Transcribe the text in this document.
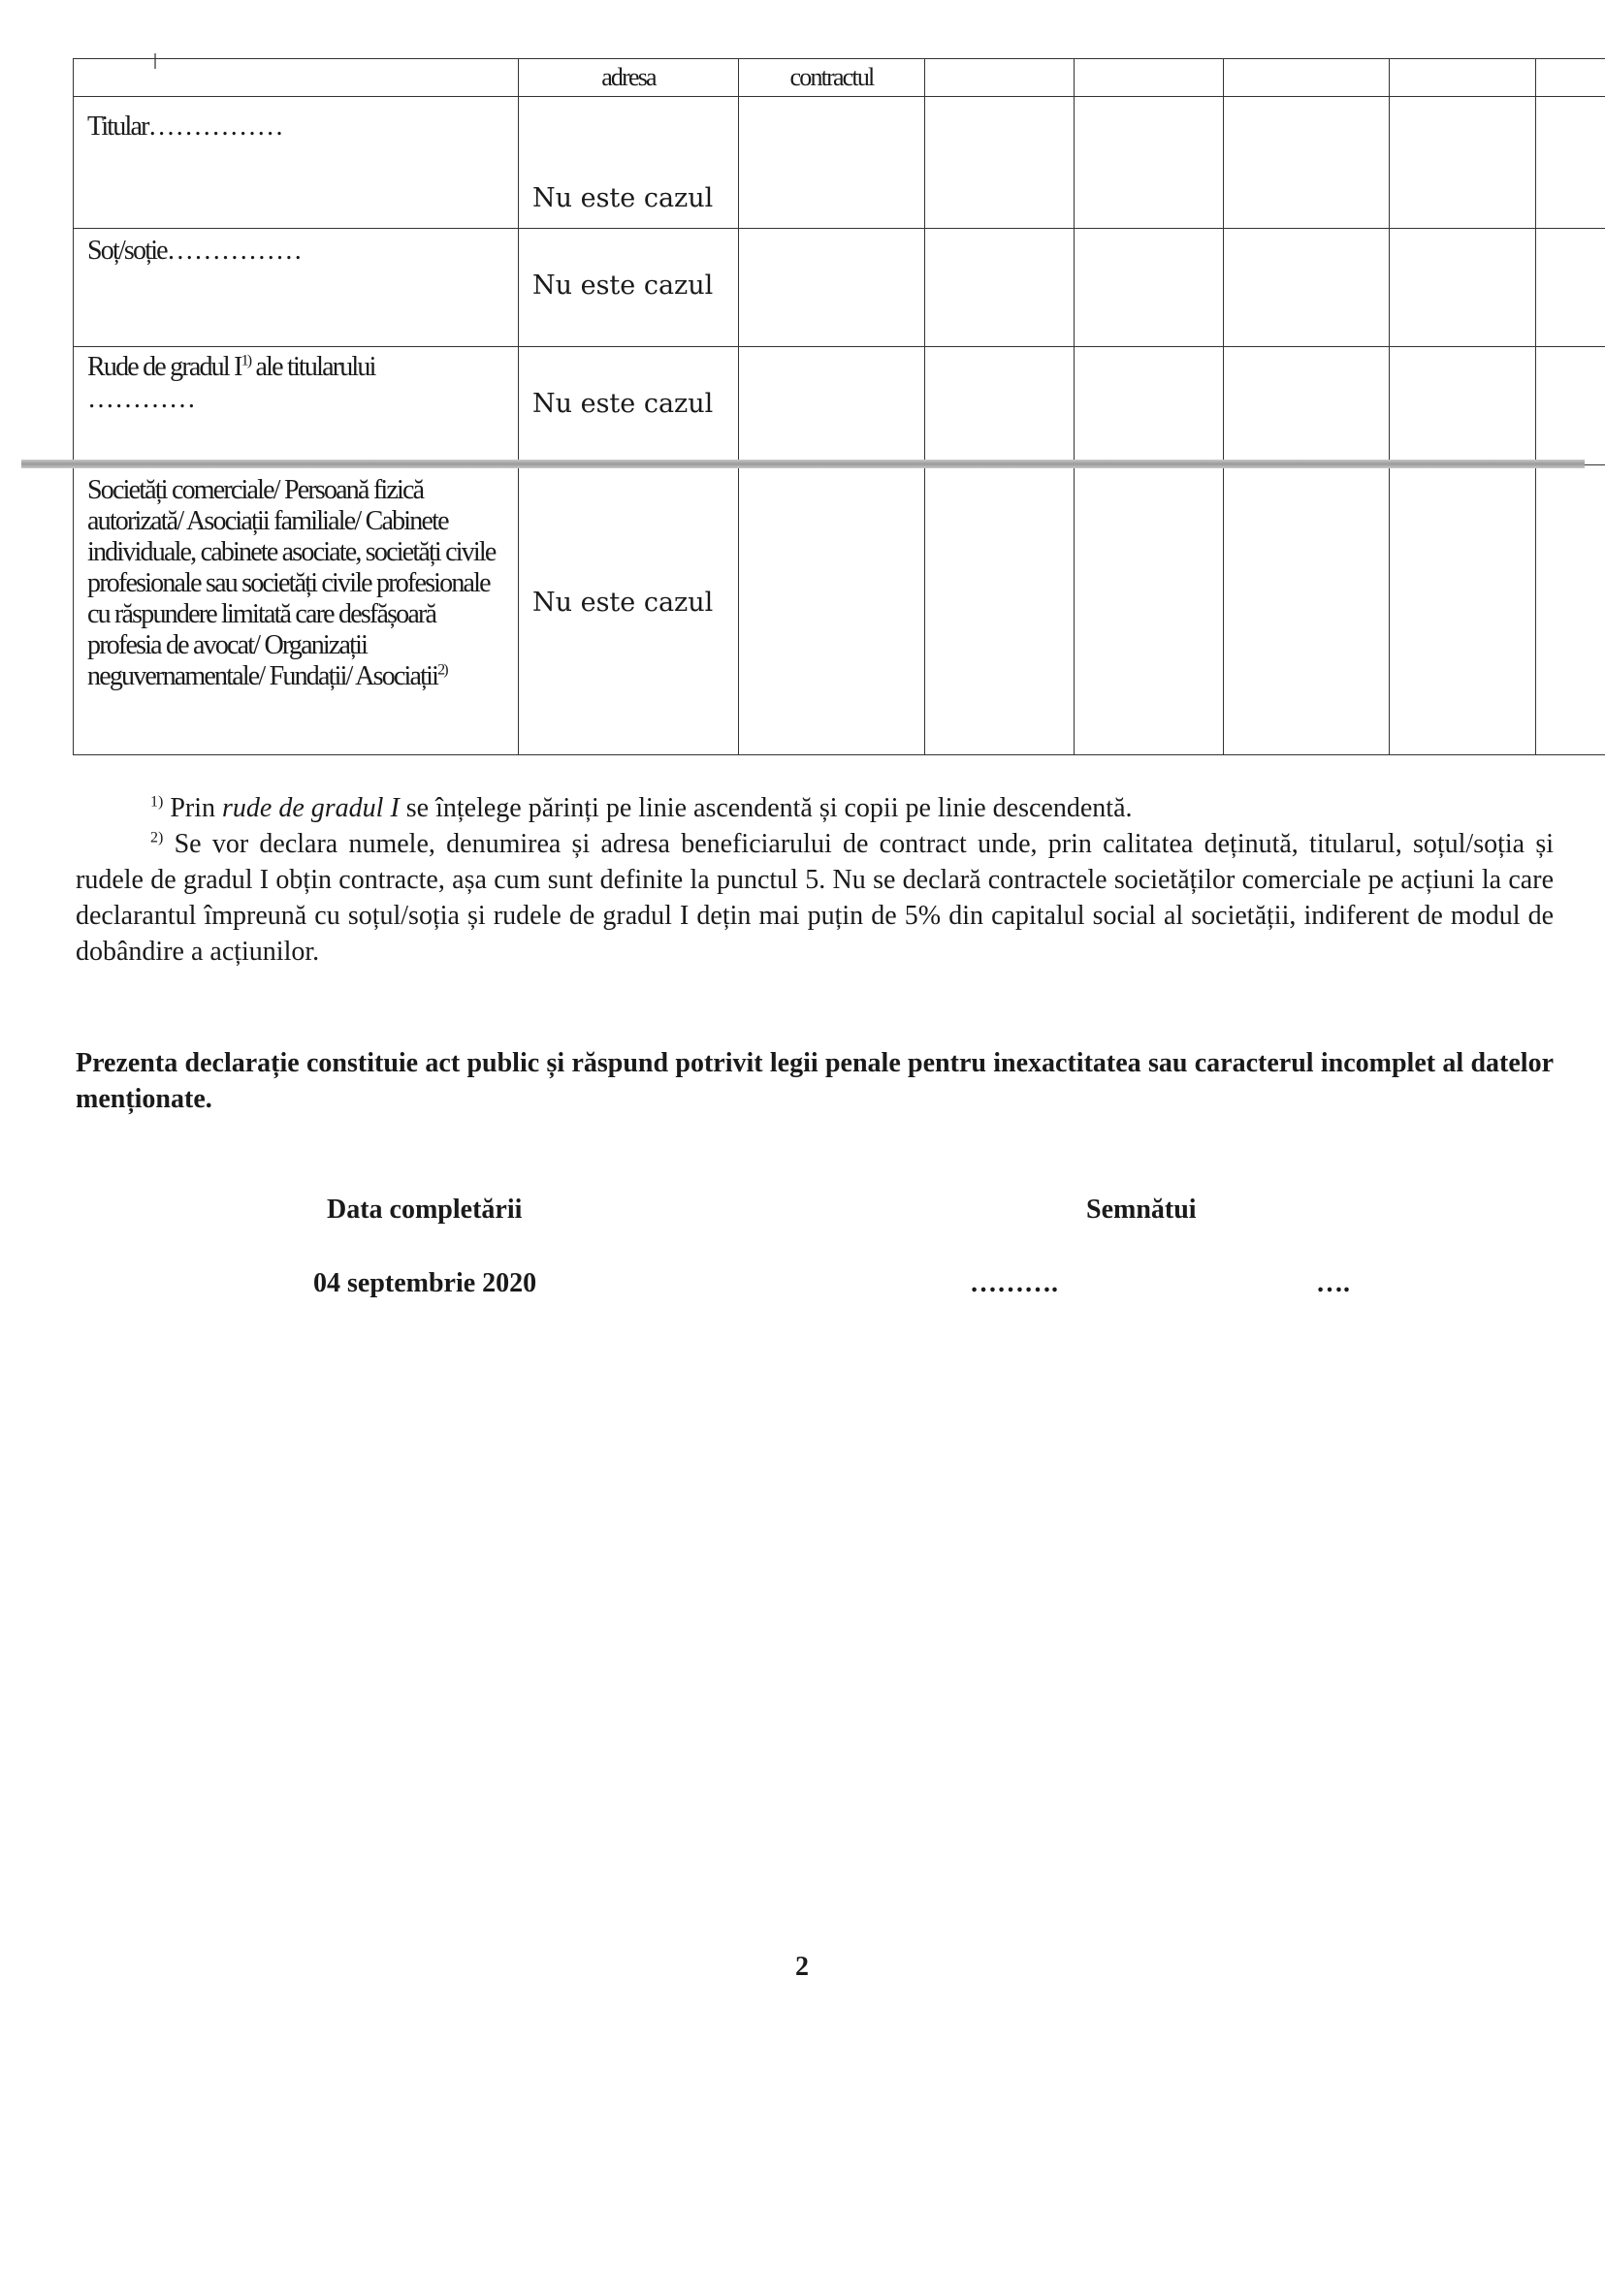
	adresa	contractul					

Titular……………	Nu este cazul						

Soț/soție……………	Nu este cazul						

Rude de gradul $I^{1)}$ ale titularului
…………	Nu este cazul						

Societăți comerciale/ Persoană fizică autorizată/ Asociații familiale/ Cabinete individuale, cabinete asociate, societăți civile profesionale sau societăți civile profesionale cu răspundere limitată care desfășoară profesia de avocat/ Organizații neguvernamentale/ Fundații/ Asociații$^{2)}$	Nu este cazul						

$^{1)}$ Prin rude de gradul I se înțelege părinți pe linie ascendentă și copii pe linie descendentă.

$^{2)}$ Se vor declara numele, denumirea și adresa beneficiarului de contract unde, prin calitatea deținută, titularul, soțul/soția și rudele de gradul I obțin contracte, așa cum sunt definite la punctul 5. Nu se declară contractele societăților comerciale pe acțiuni la care declarantul împreună cu soțul/soția și rudele de gradul I dețin mai puțin de 5% din capitalul social al societății, indiferent de modul de dobândire a acțiunilor.

Prezenta declarație constituie act public și răspund potrivit legii penale pentru inexactitatea sau caracterul incomplet al datelor menționate.
Data completării	Semnătui
04 septembrie 2020	……….	….
2
